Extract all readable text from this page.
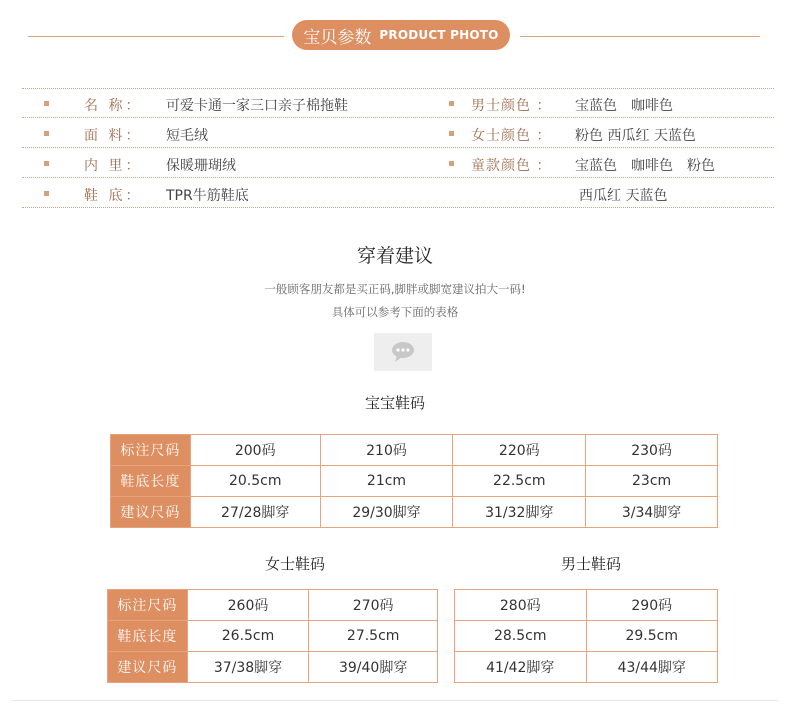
宝贝参数 PRODUCT PHOTO
名 称： 可爱卡通一家三口亲子棉拖鞋
面 料： 短毛绒
内 里： 保暖珊瑚绒
鞋 底： TPR牛筋鞋底
男士颜色 ： 宝蓝色　咖啡色
女士颜色 ： 粉色 西瓜红 天蓝色
童款颜色 ： 宝蓝色　咖啡色　粉色
西瓜红 天蓝色
穿着建议
一般顾客朋友都是买正码,脚胖或脚宽建议拍大一码!
具体可以参考下面的表格
宝宝鞋码
标注尺码	200码	210码	220码	230码
鞋底长度	20.5cm	21cm	22.5cm	23cm
建议尺码	27/28脚穿	29/30脚穿	31/32脚穿	3/34脚穿
女士鞋码
标注尺码	260码	270码
鞋底长度	26.5cm	27.5cm
建议尺码	37/38脚穿	39/40脚穿
男士鞋码
280码	290码
28.5cm	29.5cm
41/42脚穿	43/44脚穿
